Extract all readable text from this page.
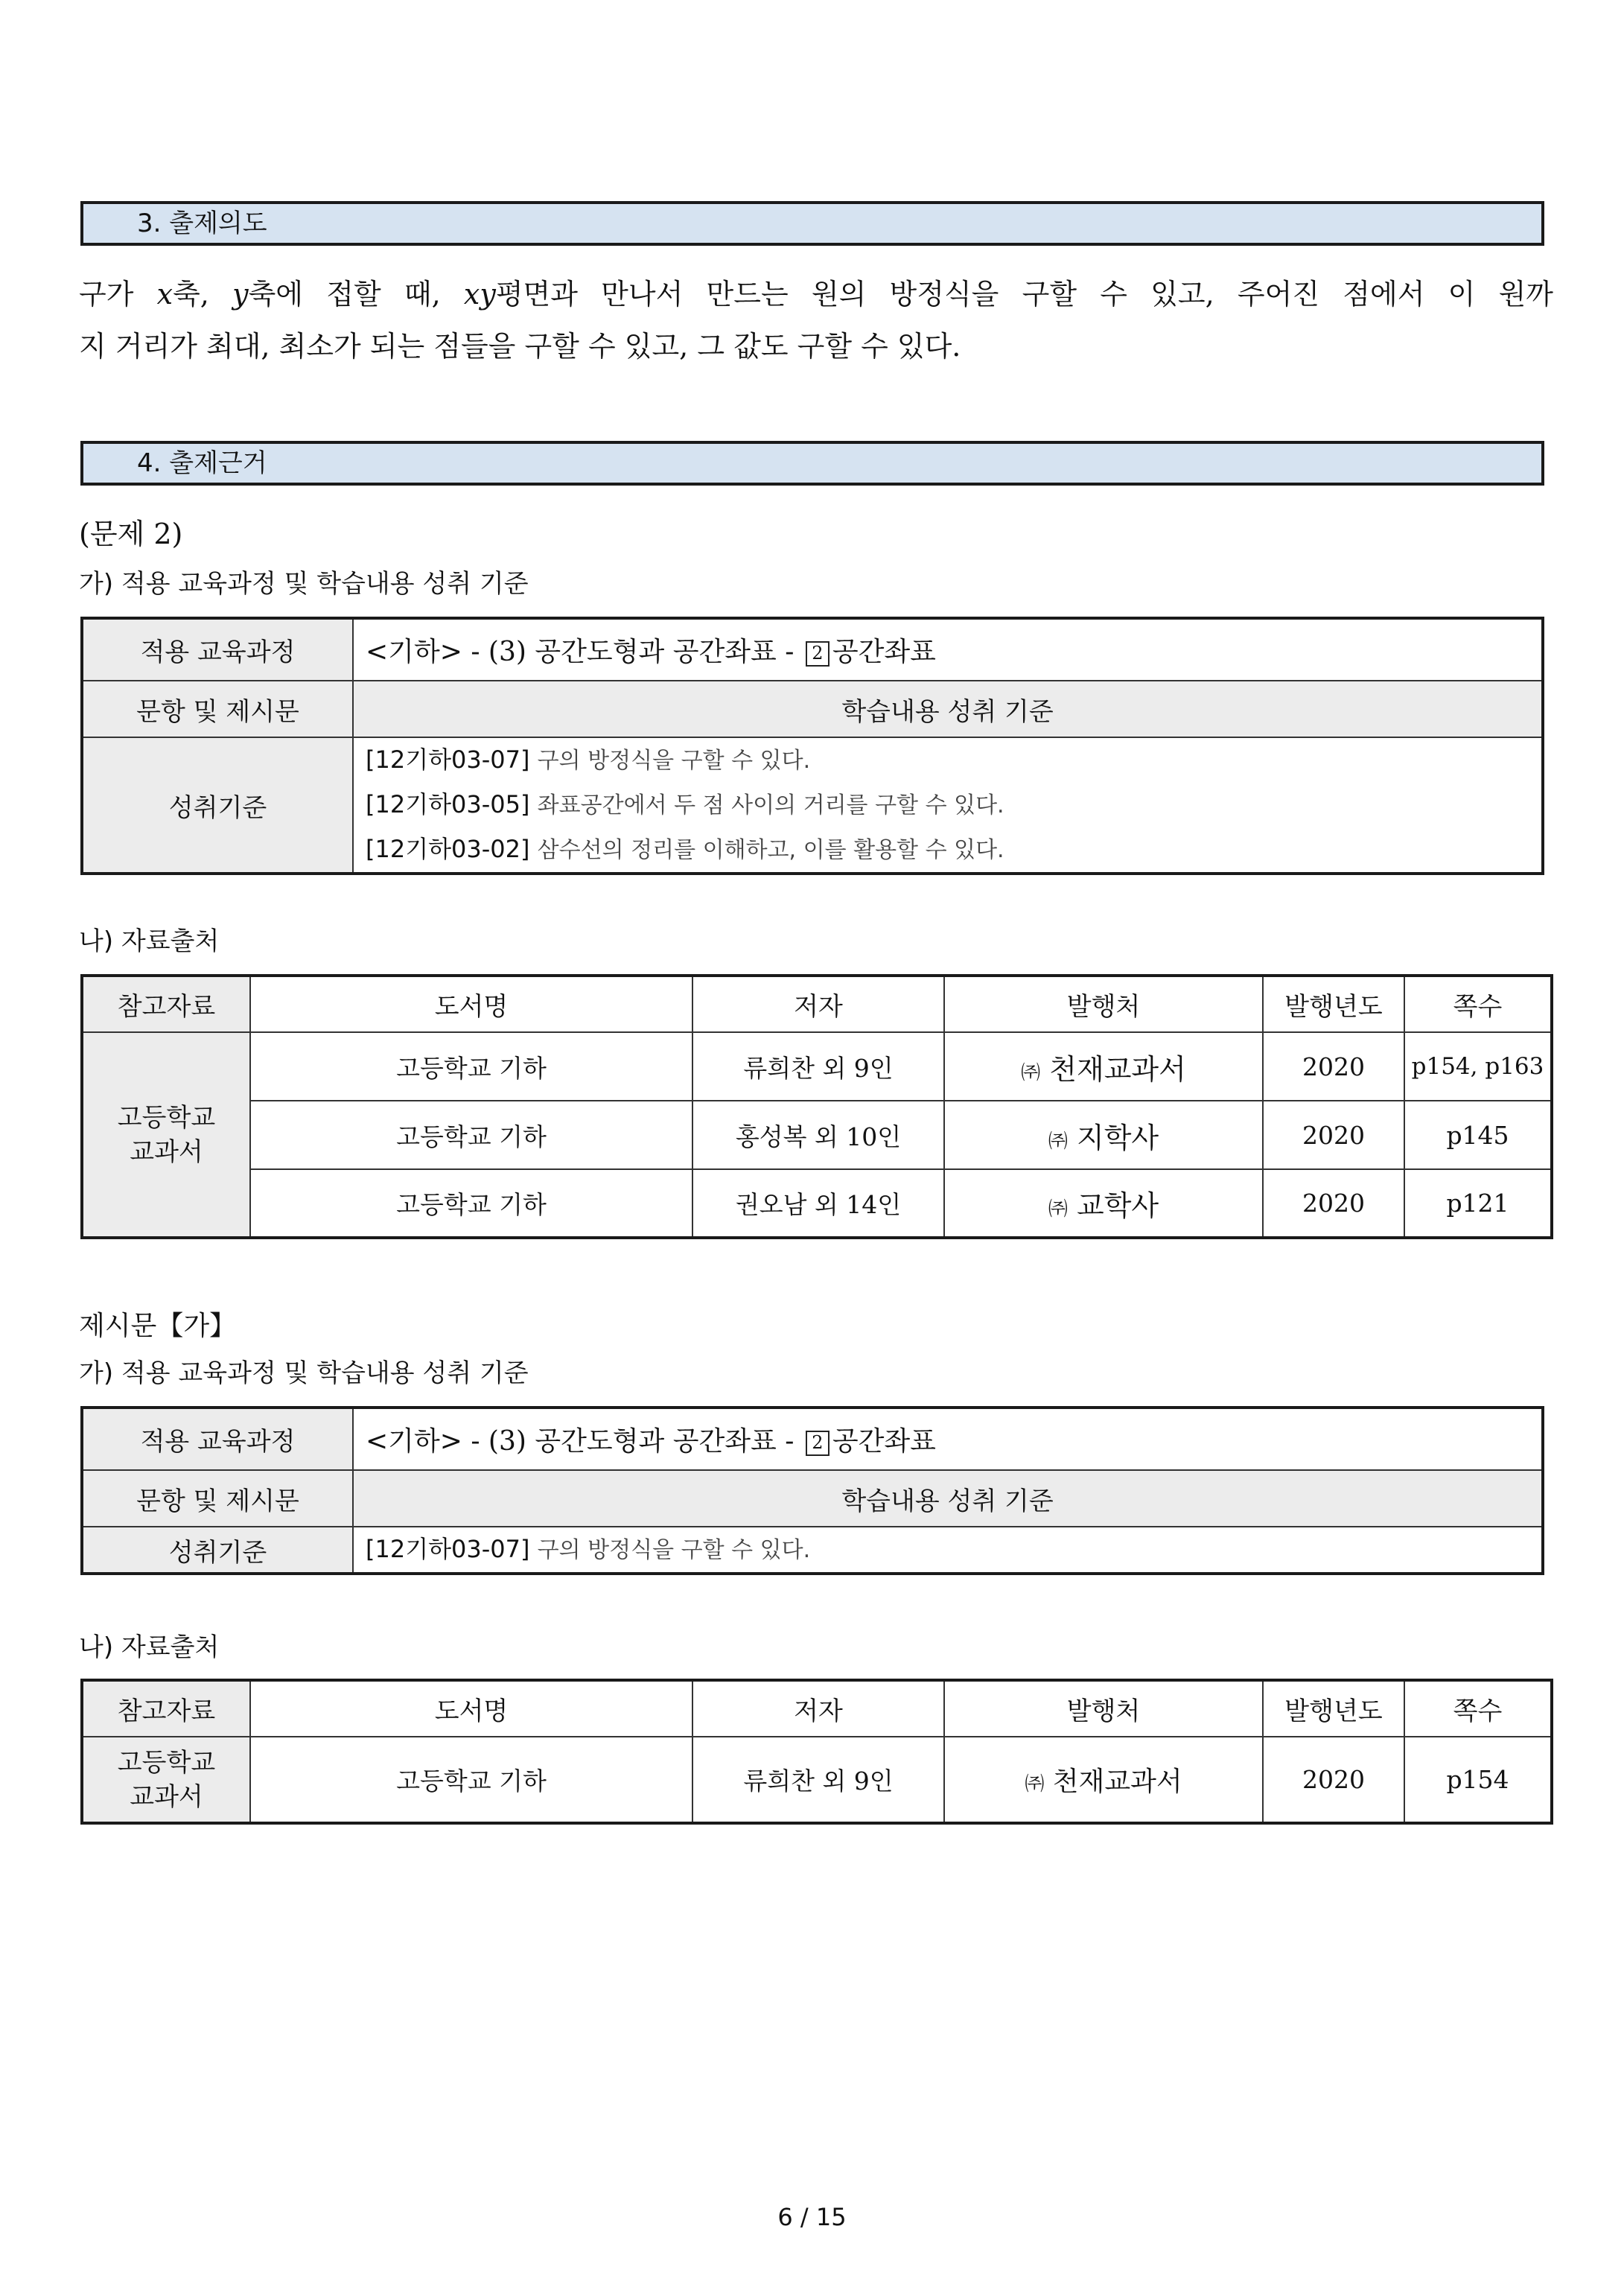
3. 출제의도
구가 x축, y축에 접할 때, xy평면과 만나서 만드는 원의 방정식을 구할 수 있고, 주어진 점에서 이 원까
지 거리가 최대, 최소가 되는 점들을 구할 수 있고, 그 값도 구할 수 있다.
4. 출제근거
(문제 2)
가) 적용 교육과정 및 학습내용 성취 기준
적용 교육과정	<기하> - (3) 공간도형과 공간좌표 - 2 공간좌표
문항 및 제시문	학습내용 성취 기준
성취기준	[12기하03-07] 구의 방정식을 구할 수 있다.
[12기하03-05] 좌표공간에서 두 점 사이의 거리를 구할 수 있다.
[12기하03-02] 삼수선의 정리를 이해하고, 이를 활용할 수 있다.
나) 자료출처
참고자료	도서명	저자	발행처	발행년도	쪽수
고등학교 교과서	고등학교 기하	류희찬 외 9인	㈜ 천재교과서	2020	p154, p163
	고등학교 기하	홍성복 외 10인	㈜ 지학사	2020	p145
	고등학교 기하	권오남 외 14인	㈜ 교학사	2020	p121
제시문【가】
가) 적용 교육과정 및 학습내용 성취 기준
적용 교육과정	<기하> - (3) 공간도형과 공간좌표 - 2 공간좌표
문항 및 제시문	학습내용 성취 기준
성취기준	[12기하03-07] 구의 방정식을 구할 수 있다.
나) 자료출처
참고자료	도서명	저자	발행처	발행년도	쪽수
고등학교 교과서	고등학교 기하	류희찬 외 9인	㈜ 천재교과서	2020	p154
6 / 15
